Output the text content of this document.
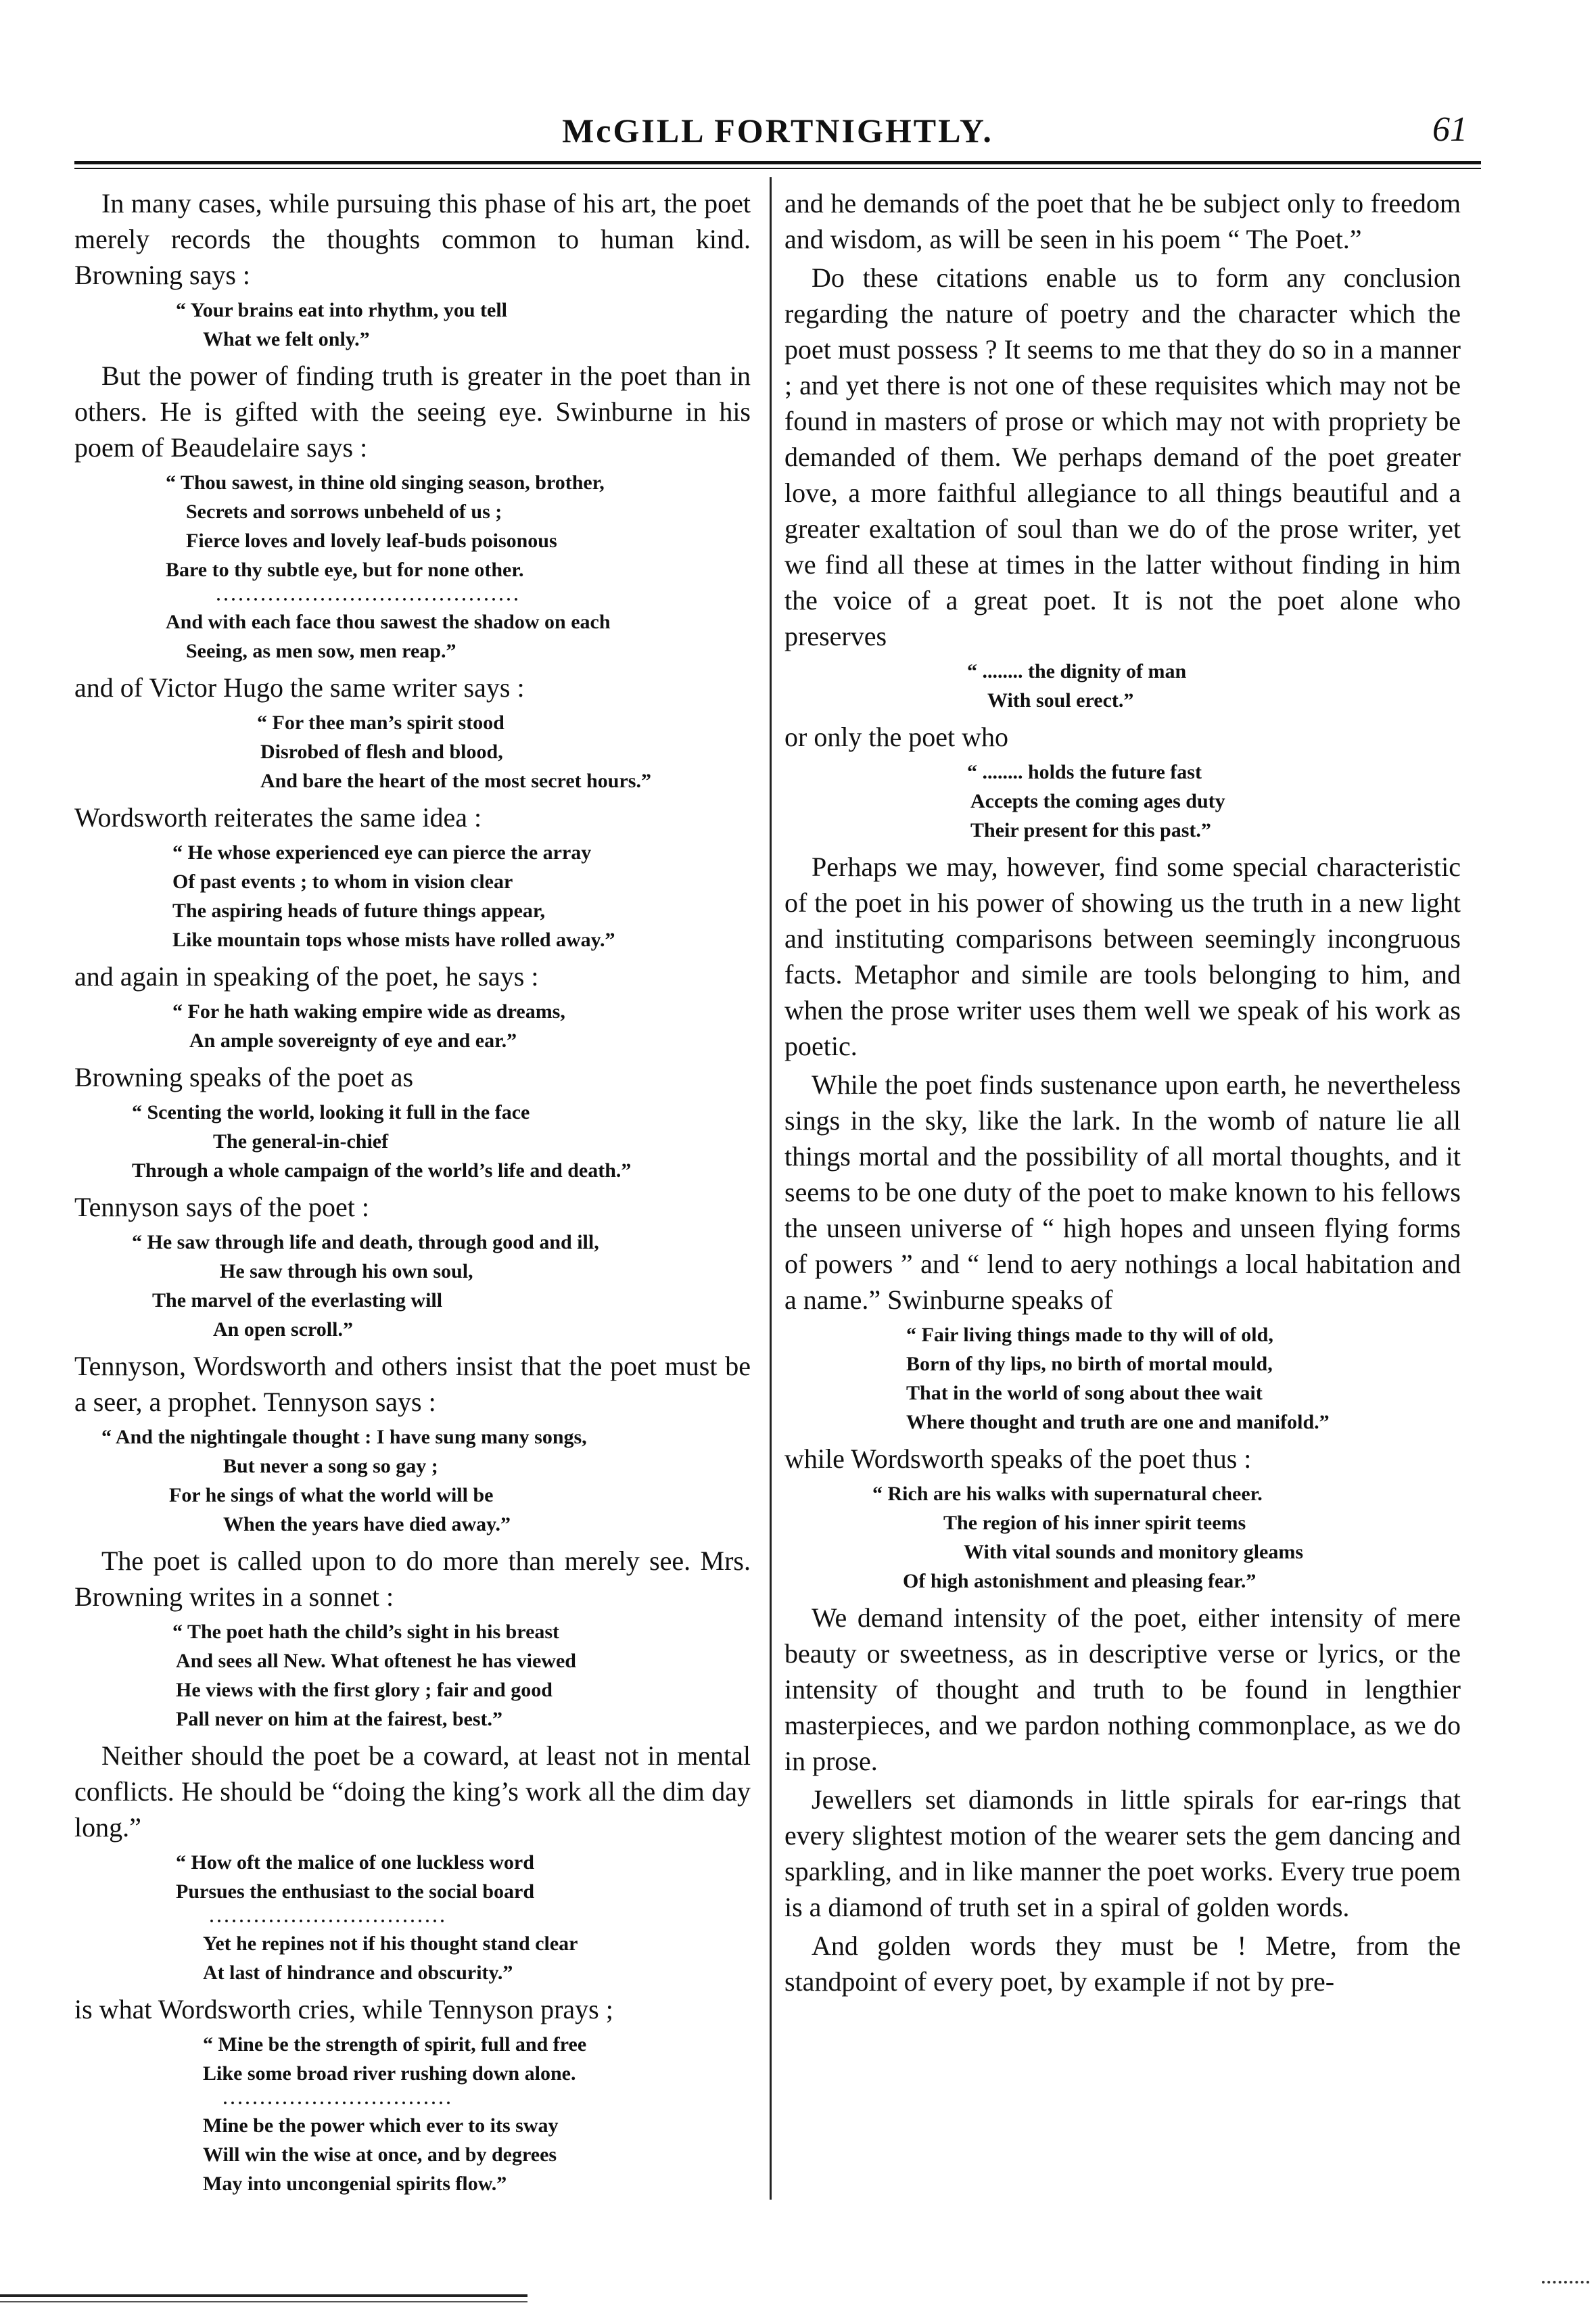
McGILL FORTNIGHTLY.	61

In many cases, while pursuing this phase of his art, the poet merely records the thoughts common to human kind. Browning says :

“ Your brains eat into rhythm, you tell
What we felt only.”

But the power of finding truth is greater in the poet than in others. He is gifted with the seeing eye. Swinburne in his poem of Beaudelaire says :

“ Thou sawest, in thine old singing season, brother,
Secrets and sorrows unbeheld of us ;
Fierce loves and lovely leaf-buds poisonous
Bare to thy subtle eye, but for none other.
.........................................
And with each face thou sawest the shadow on each
Seeing, as men sow, men reap.”

and of Victor Hugo the same writer says :

“ For thee man’s spirit stood
Disrobed of flesh and blood,
And bare the heart of the most secret hours.”

Wordsworth reiterates the same idea :

“ He whose experienced eye can pierce the array
Of past events ; to whom in vision clear
The aspiring heads of future things appear,
Like mountain tops whose mists have rolled away.”

and again in speaking of the poet, he says :

“ For he hath waking empire wide as dreams,
An ample sovereignty of eye and ear.”

Browning speaks of the poet as

“ Scenting the world, looking it full in the face
The general-in-chief
Through a whole campaign of the world’s life and death.”

Tennyson says of the poet :

“ He saw through life and death, through good and ill,
He saw through his own soul,
The marvel of the everlasting will
An open scroll.”

Tennyson, Wordsworth and others insist that the poet must be a seer, a prophet. Tennyson says :

“ And the nightingale thought : I have sung many songs,
But never a song so gay ;
For he sings of what the world will be
When the years have died away.”

The poet is called upon to do more than merely see. Mrs. Browning writes in a sonnet :

“ The poet hath the child’s sight in his breast
And sees all New. What oftenest he has viewed
He views with the first glory ; fair and good
Pall never on him at the fairest, best.”

Neither should the poet be a coward, at least not in mental conflicts. He should be “doing the king’s work all the dim day long.”

“ How oft the malice of one luckless word
Pursues the enthusiast to the social board
................................
Yet he repines not if his thought stand clear
At last of hindrance and obscurity.”

is what Wordsworth cries, while Tennyson prays ;

“ Mine be the strength of spirit, full and free
Like some broad river rushing down alone.
...............................
Mine be the power which ever to its sway
Will win the wise at once, and by degrees
May into uncongenial spirits flow.”

and he demands of the poet that he be subject only to freedom and wisdom, as will be seen in his poem “ The Poet.”

Do these citations enable us to form any conclusion regarding the nature of poetry and the character which the poet must possess ? It seems to me that they do so in a manner ; and yet there is not one of these requisites which may not be found in masters of prose or which may not with propriety be demanded of them. We perhaps demand of the poet greater love, a more faithful allegiance to all things beautiful and a greater exaltation of soul than we do of the prose writer, yet we find all these at times in the latter without finding in him the voice of a great poet. It is not the poet alone who preserves

“ ........ the dignity of man
With soul erect.”

or only the poet who

“ ........ holds the future fast
Accepts the coming ages duty
Their present for this past.”

Perhaps we may, however, find some special characteristic of the poet in his power of showing us the truth in a new light and instituting comparisons between seemingly incongruous facts. Metaphor and simile are tools belonging to him, and when the prose writer uses them well we speak of his work as poetic.

While the poet finds sustenance upon earth, he nevertheless sings in the sky, like the lark. In the womb of nature lie all things mortal and the possibility of all mortal thoughts, and it seems to be one duty of the poet to make known to his fellows the unseen universe of “ high hopes and unseen flying forms of powers ” and “ lend to aery nothings a local habitation and a name.” Swinburne speaks of

“ Fair living things made to thy will of old,
Born of thy lips, no birth of mortal mould,
That in the world of song about thee wait
Where thought and truth are one and manifold.”

while Wordsworth speaks of the poet thus :

“ Rich are his walks with supernatural cheer.
The region of his inner spirit teems
With vital sounds and monitory gleams
Of high astonishment and pleasing fear.”

We demand intensity of the poet, either intensity of mere beauty or sweetness, as in descriptive verse or lyrics, or the intensity of thought and truth to be found in lengthier masterpieces, and we pardon nothing commonplace, as we do in prose.

Jewellers set diamonds in little spirals for ear-rings that every slightest motion of the wearer sets the gem dancing and sparkling, and in like manner the poet works. Every true poem is a diamond of truth set in a spiral of golden words.

And golden words they must be ! Metre, from the standpoint of every poet, by example if not by pre-
